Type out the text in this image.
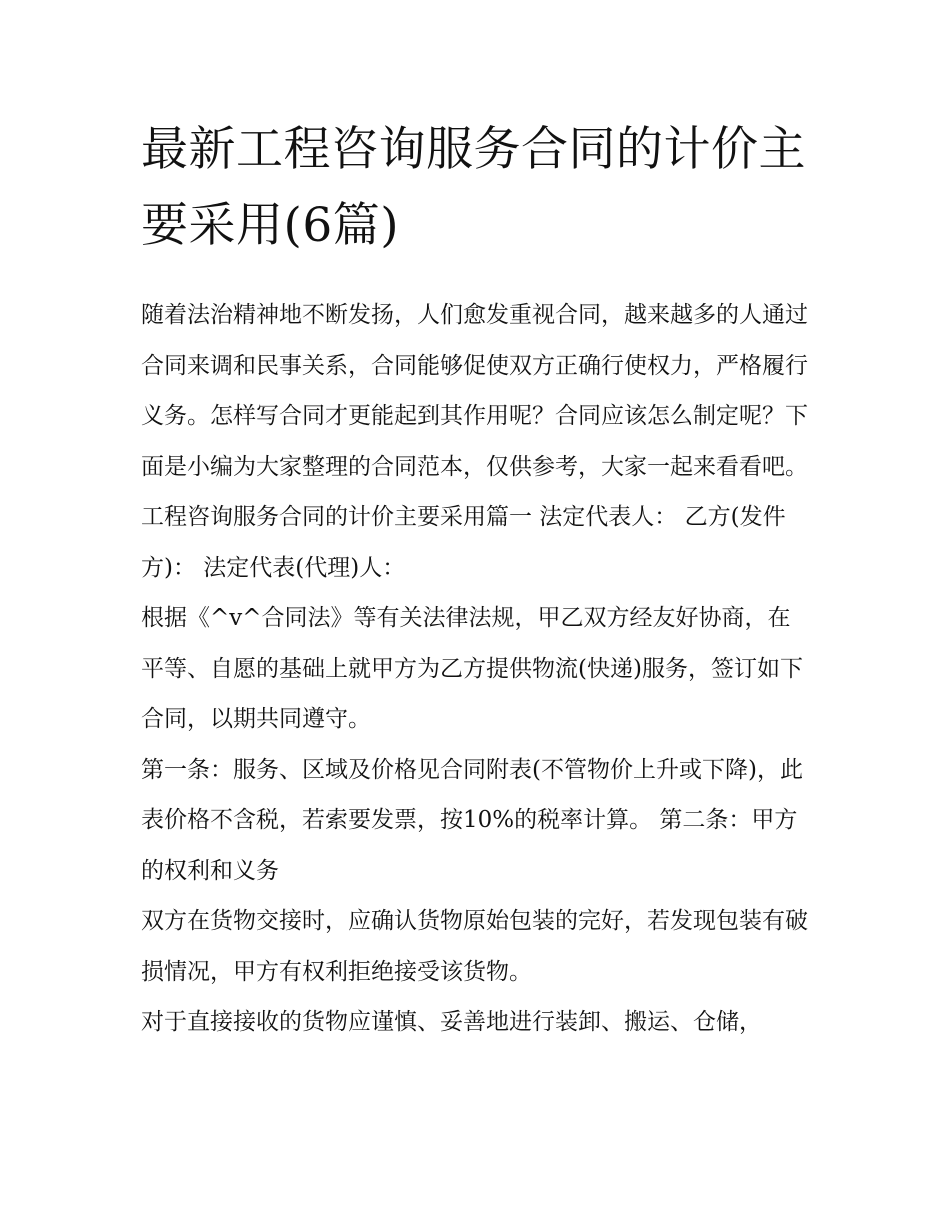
最新工程咨询服务合同的计价主要采用(6篇)

随着法治精神地不断发扬，人们愈发重视合同，越来越多的人通过合同来调和民事关系，合同能够促使双方正确行使权力，严格履行义务。怎样写合同才更能起到其作用呢？合同应该怎么制定呢？下面是小编为大家整理的合同范本，仅供参考，大家一起来看看吧。

工程咨询服务合同的计价主要采用篇一 法定代表人： 乙方(发件方)： 法定代表(代理)人：

根据《^v^合同法》等有关法律法规，甲乙双方经友好协商，在平等、自愿的基础上就甲方为乙方提供物流(快递)服务，签订如下合同，以期共同遵守。

第一条：服务、区域及价格见合同附表(不管物价上升或下降)，此表价格不含税，若索要发票，按10%的税率计算。 第二条：甲方的权利和义务

双方在货物交接时，应确认货物原始包装的完好，若发现包装有破损情况，甲方有权利拒绝接受该货物。

对于直接接收的货物应谨慎、妥善地进行装卸、搬运、仓储，
